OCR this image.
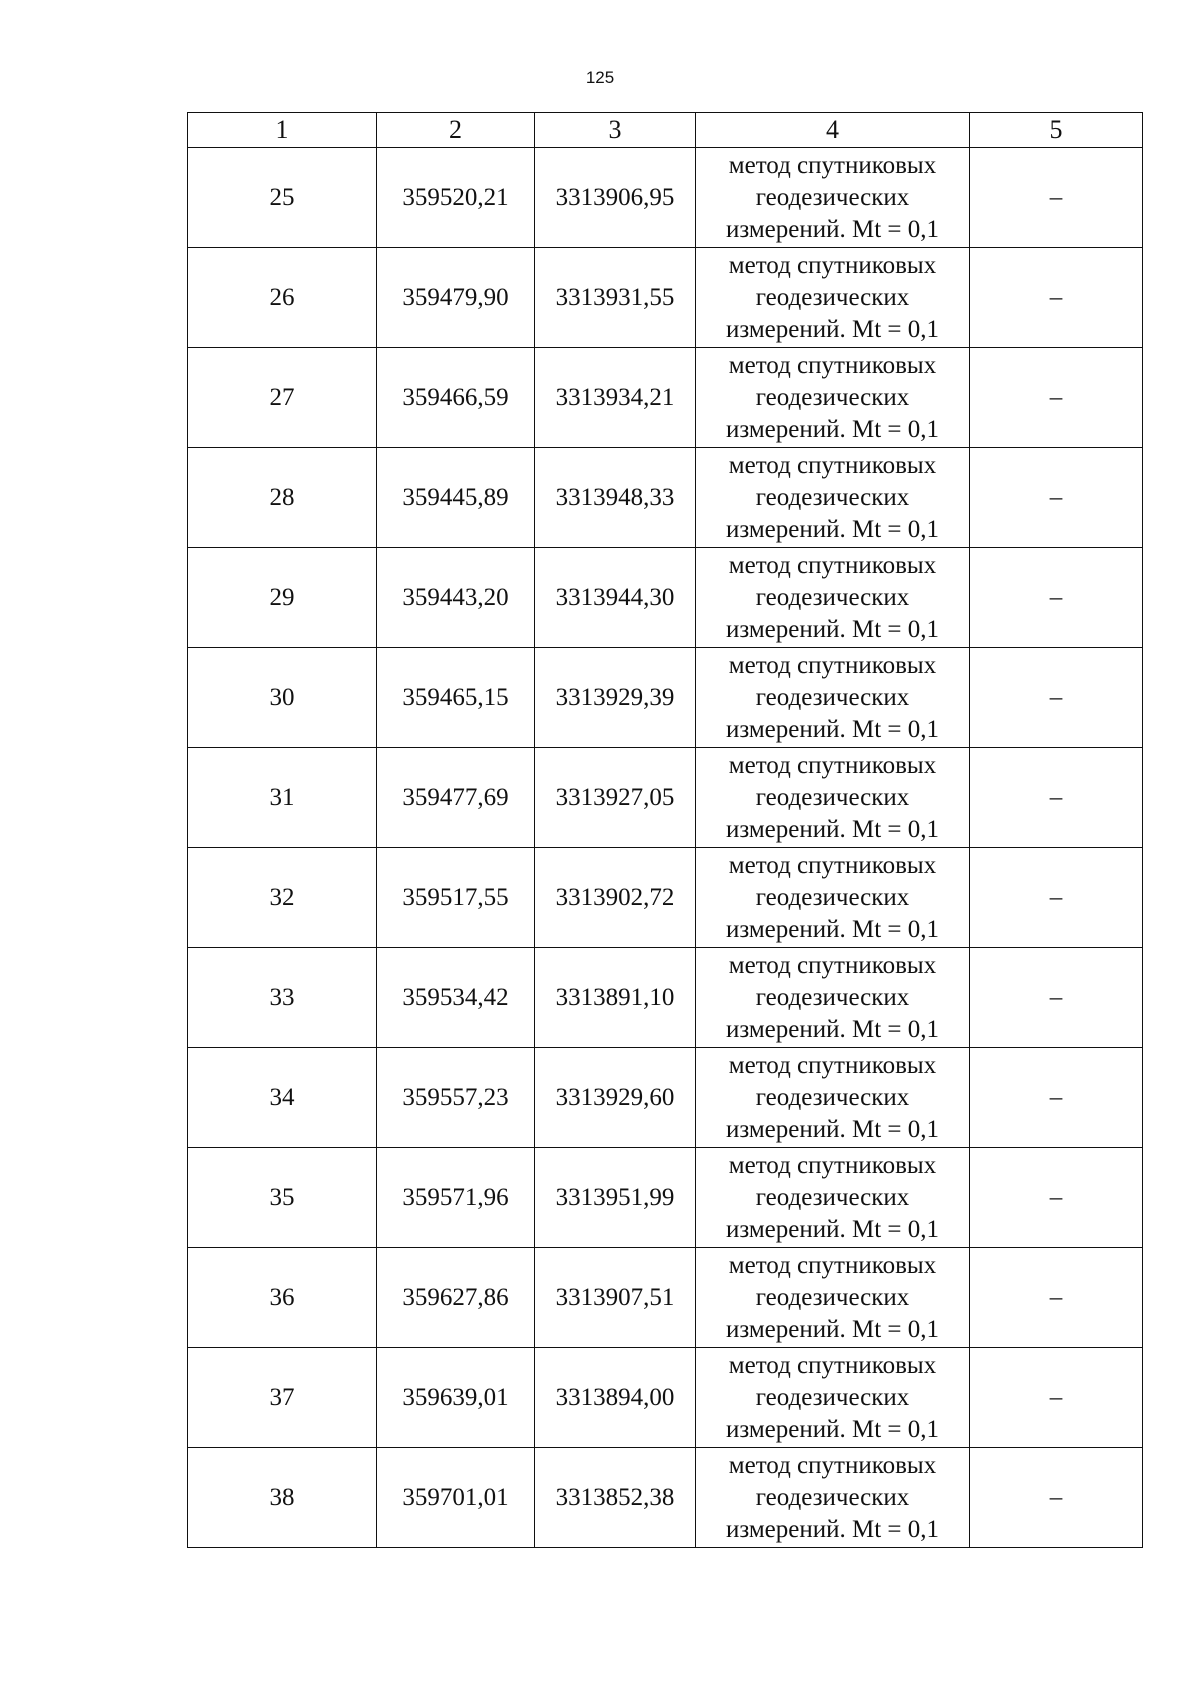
125
1	2	3	4	5
25	359520,21	3313906,95	метод спутниковых
геодезических
измерений. Mt = 0,1	–
26	359479,90	3313931,55	метод спутниковых
геодезических
измерений. Mt = 0,1	–
27	359466,59	3313934,21	метод спутниковых
геодезических
измерений. Mt = 0,1	–
28	359445,89	3313948,33	метод спутниковых
геодезических
измерений. Mt = 0,1	–
29	359443,20	3313944,30	метод спутниковых
геодезических
измерений. Mt = 0,1	–
30	359465,15	3313929,39	метод спутниковых
геодезических
измерений. Mt = 0,1	–
31	359477,69	3313927,05	метод спутниковых
геодезических
измерений. Mt = 0,1	–
32	359517,55	3313902,72	метод спутниковых
геодезических
измерений. Mt = 0,1	–
33	359534,42	3313891,10	метод спутниковых
геодезических
измерений. Mt = 0,1	–
34	359557,23	3313929,60	метод спутниковых
геодезических
измерений. Mt = 0,1	–
35	359571,96	3313951,99	метод спутниковых
геодезических
измерений. Mt = 0,1	–
36	359627,86	3313907,51	метод спутниковых
геодезических
измерений. Mt = 0,1	–
37	359639,01	3313894,00	метод спутниковых
геодезических
измерений. Mt = 0,1	–
38	359701,01	3313852,38	метод спутниковых
геодезических
измерений. Mt = 0,1	–
